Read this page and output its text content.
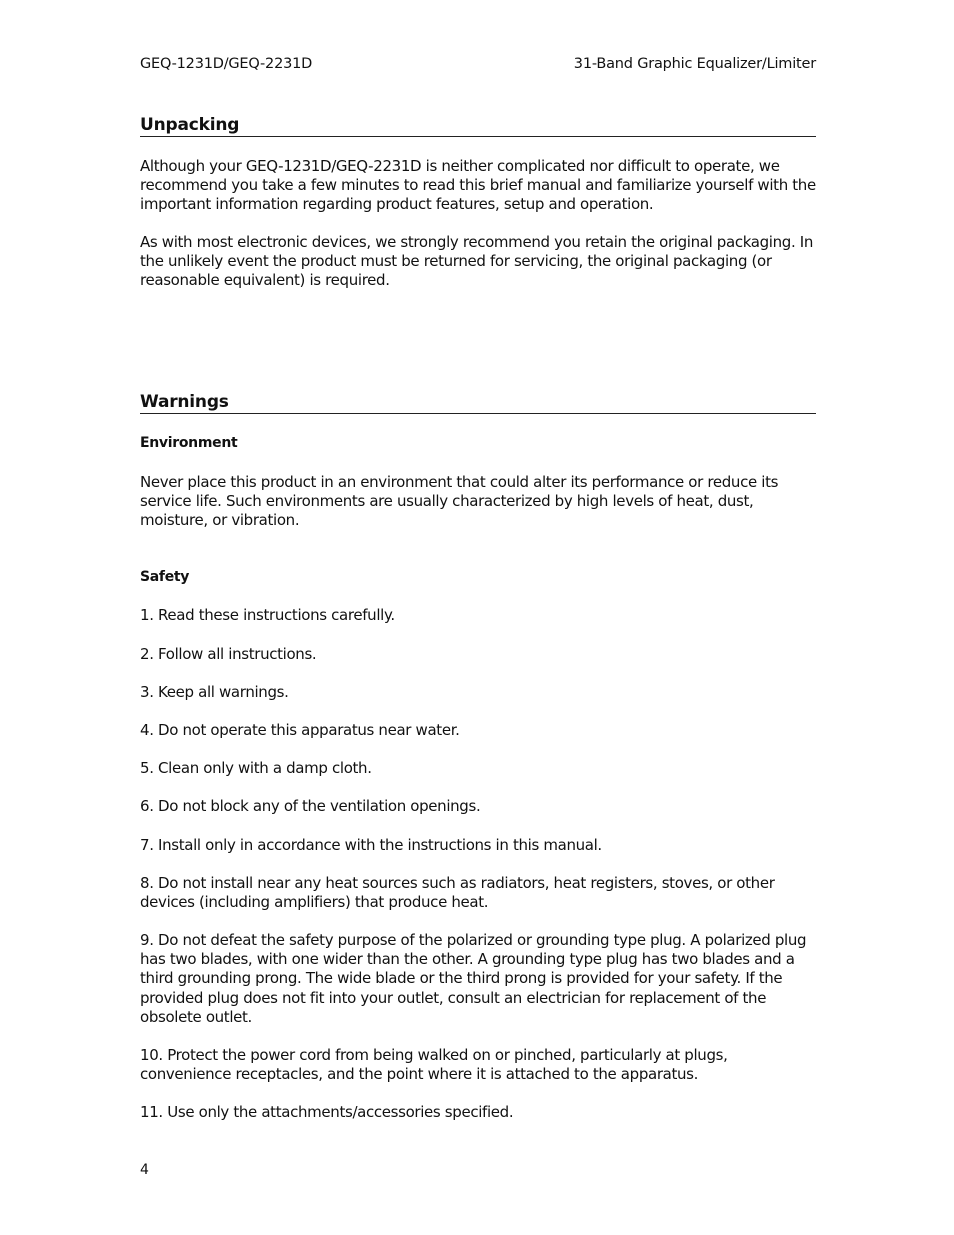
GEQ-1231D/GEQ-2231D	31-Band Graphic Equalizer/Limiter
Unpacking
Although your GEQ-1231D/GEQ-2231D is neither complicated nor difficult to operate, we recommend you take a few minutes to read this brief manual and familiarize yourself with the important information regarding product features, setup and operation.
As with most electronic devices, we strongly recommend you retain the original packaging. In the unlikely event the product must be returned for servicing, the original packaging (or reasonable equivalent) is required.
Warnings
Environment
Never place this product in an environment that could alter its performance or reduce its service life. Such environments are usually characterized by high levels of heat, dust, moisture, or vibration.
Safety
1. Read these instructions carefully.
2. Follow all instructions.
3. Keep all warnings.
4. Do not operate this apparatus near water.
5. Clean only with a damp cloth.
6. Do not block any of the ventilation openings.
7. Install only in accordance with the instructions in this manual.
8. Do not install near any heat sources such as radiators, heat registers, stoves, or other devices (including amplifiers) that produce heat.
9. Do not defeat the safety purpose of the polarized or grounding type plug. A polarized plug has two blades, with one wider than the other. A grounding type plug has two blades and a third grounding prong. The wide blade or the third prong is provided for your safety. If the provided plug does not fit into your outlet, consult an electrician for replacement of the obsolete outlet.
10. Protect the power cord from being walked on or pinched, particularly at plugs, convenience receptacles, and the point where it is attached to the apparatus.
11. Use only the attachments/accessories specified.
4
